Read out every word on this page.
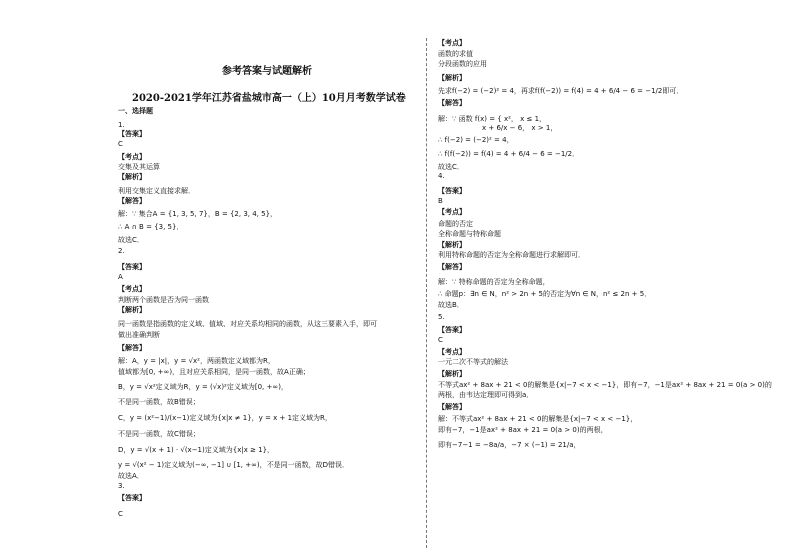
参考答案与试题解析
2020-2021学年江苏省盐城市高一（上）10月月考数学试卷
一、选择题
1.
【答案】
C
【考点】
交集及其运算
【解析】
利用交集定义直接求解．
【解答】
解：∵ 集合A = {1, 3, 5, 7}，B = {2, 3, 4, 5}，
∴ A ∩ B = {3, 5}．
故选C．
2.
【答案】
A
【考点】
判断两个函数是否为同一函数
【解析】
同一函数是指函数的定义域、值域、对应关系均相同的函数，从这三要素入手，即可
做出准确判断
【解答】
解：A，y = |x|，y = √x²，两函数定义域都为R，
值域都为[0, +∞)，且对应关系相同，是同一函数，故A正确；
B，y = √x²定义域为R，y = (√x)²定义域为[0, +∞)，
不是同一函数，故B错误；
C，y = (x²−1)/(x−1)定义域为{x|x ≠ 1}，y = x + 1定义域为R，
不是同一函数，故C错误；
D，y = √(x + 1) · √(x−1)定义域为{x|x ≥ 1}，
y = √(x² − 1)定义域为(−∞, −1] ∪ [1, +∞)，不是同一函数，故D错误．
故选A．
3.
【答案】
C
【考点】
函数的求值
分段函数的应用
【解析】
先求f(−2) = (−2)² = 4，再求f(f(−2)) = f(4) = 4 + 6/4 − 6 = −1/2即可．
【解答】
解：∵ 函数 f(x) = { x²， x ≤ 1，
x + 6/x − 6， x > 1，
∴ f(−2) = (−2)² = 4，
∴ f(f(−2)) = f(4) = 4 + 6/4 − 6 = −1/2．
故选C．
4.
【答案】
B
【考点】
命题的否定
全称命题与特称命题
【解析】
利用特称命题的否定为全称命题进行求解即可．
【解答】
解：∵ 特称命题的否定为全称命题，
∴ 命题p：∃n ∈ N，n² > 2n + 5的否定为∀n ∈ N，n² ≤ 2n + 5．
故选B．
5.
【答案】
C
【考点】
一元二次不等式的解法
【解析】
不等式ax² + 8ax + 21 < 0的解集是{x|−7 < x < −1}，即有−7，−1是ax² + 8ax + 21 = 0(a > 0)的
两根，由韦达定理即可得到a．
【解答】
解：不等式ax² + 8ax + 21 < 0的解集是{x|−7 < x < −1}，
即有−7，−1是ax² + 8ax + 21 = 0(a > 0)的两根，
即有−7−1 = −8a/a，−7 × (−1) = 21/a，
